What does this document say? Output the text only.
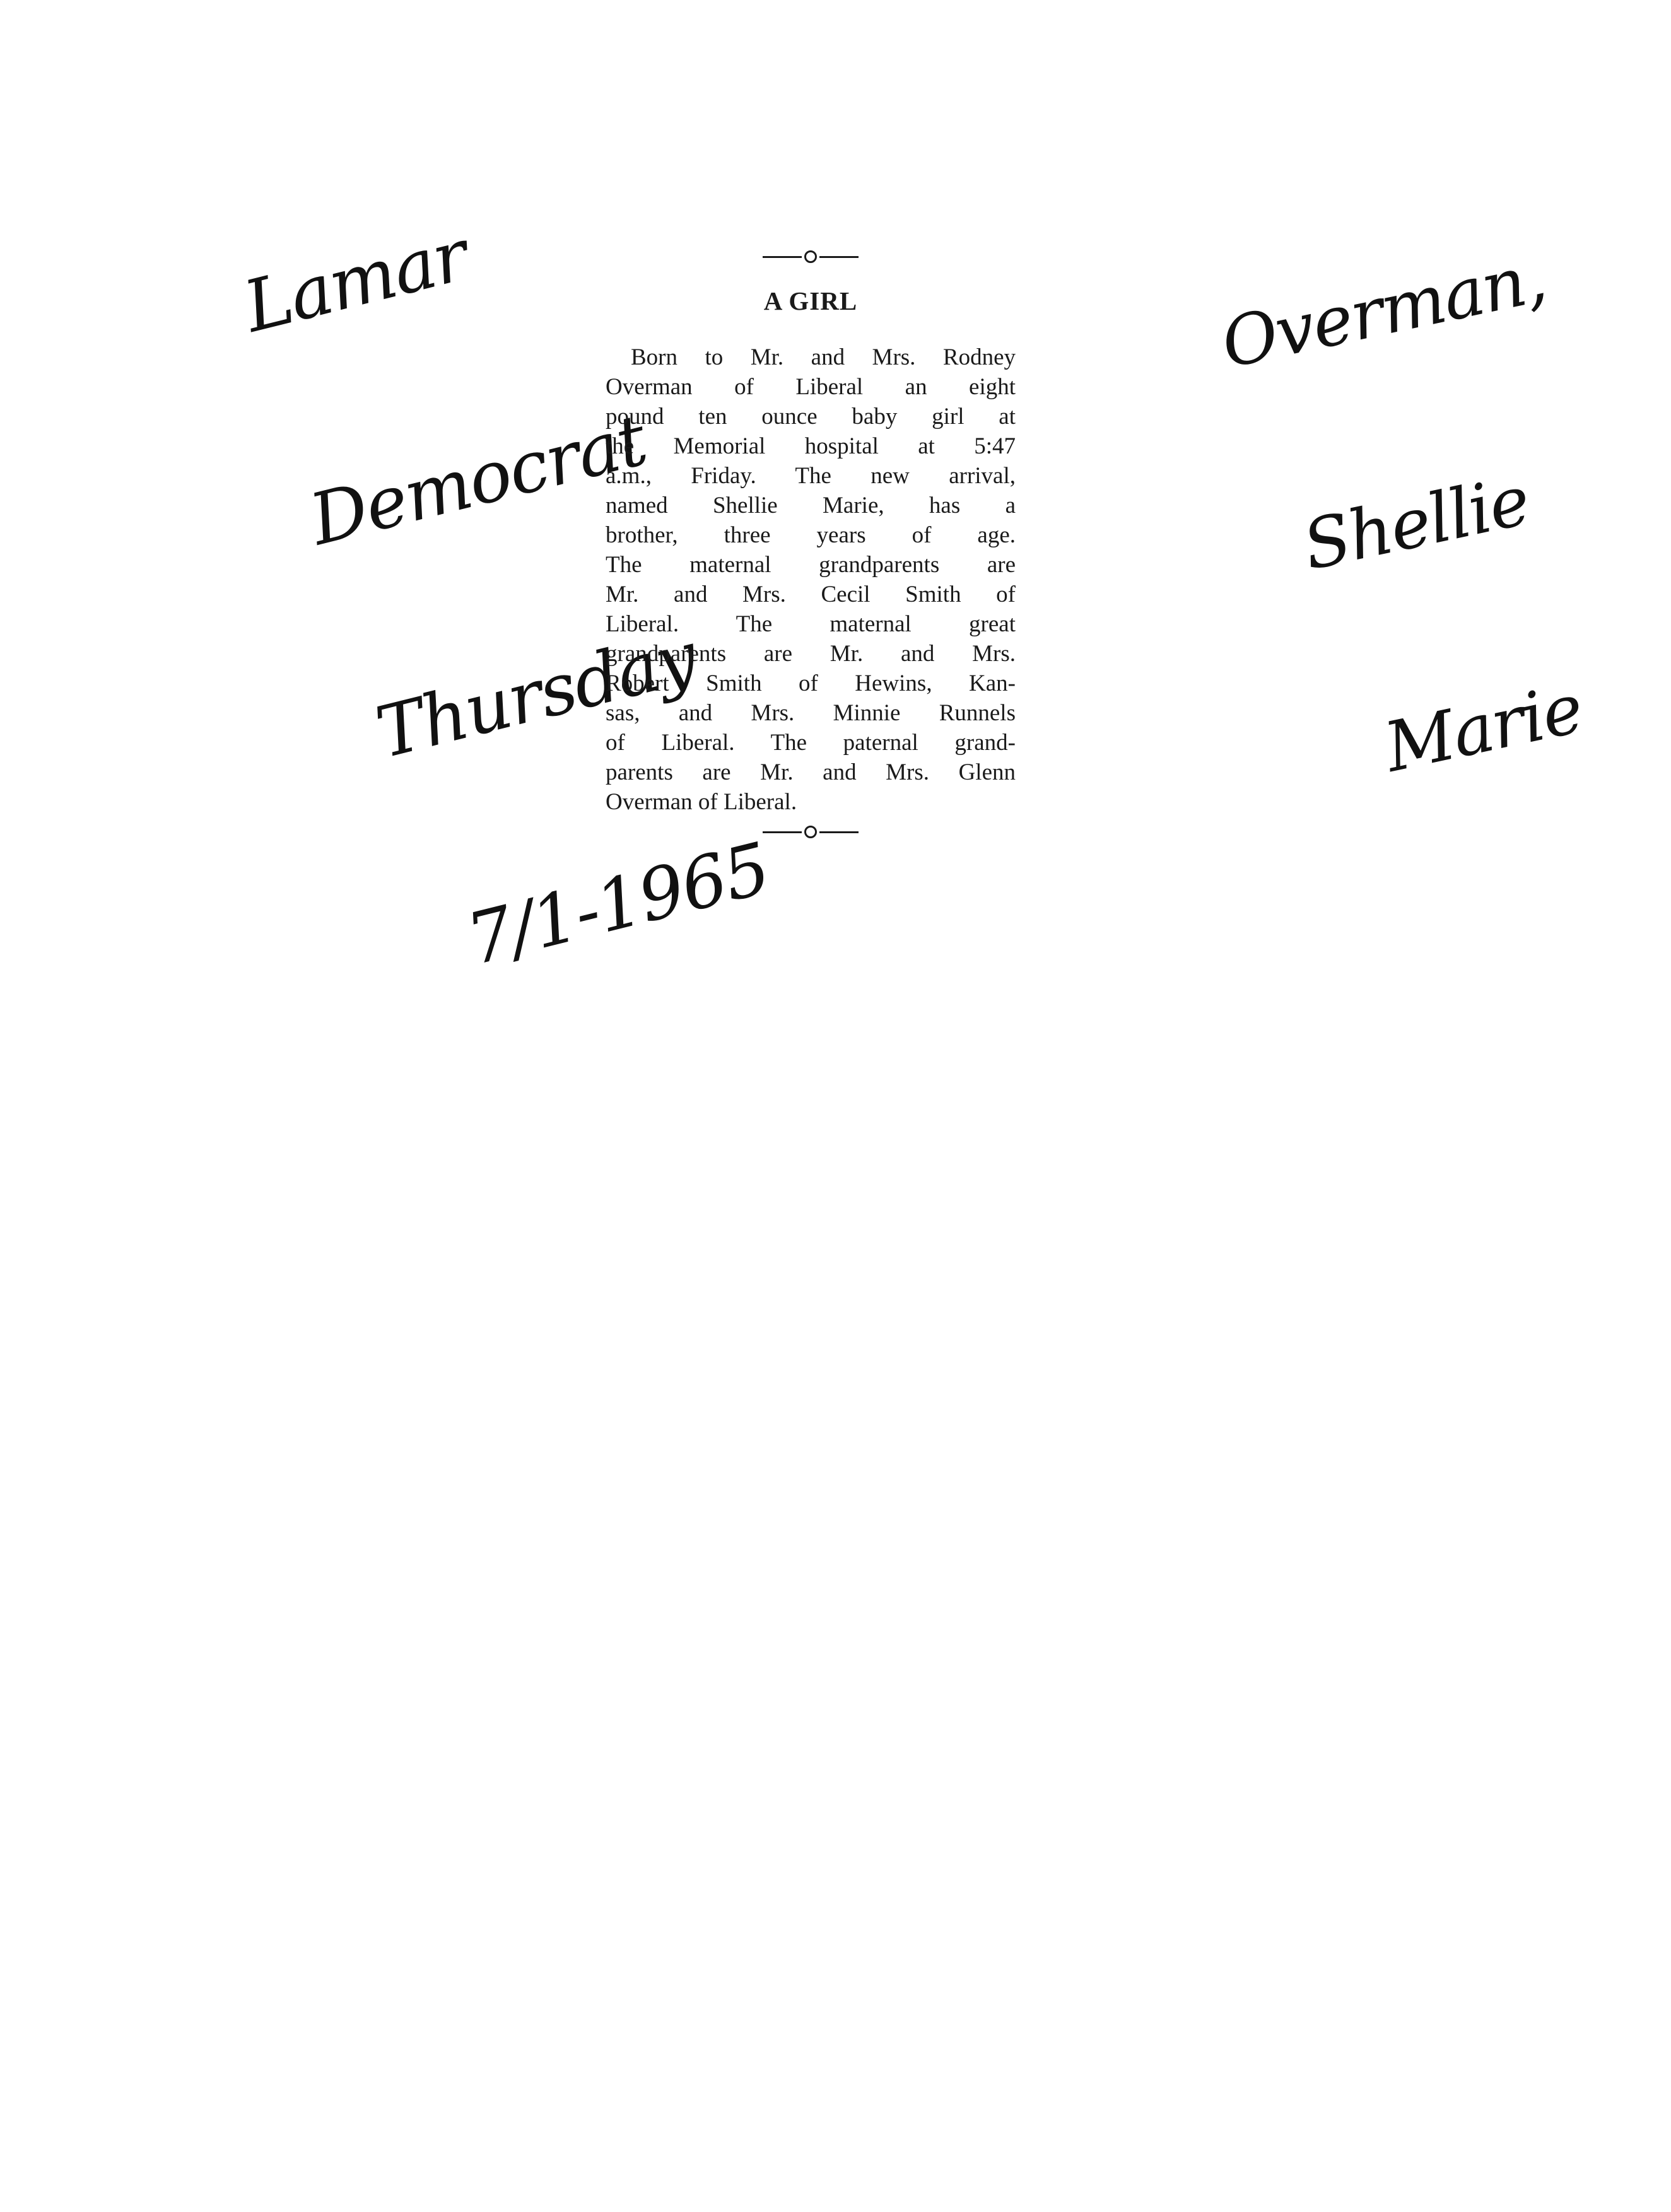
Lamar

Democrat

Thursday

7/1-1965

Overman,

Shellie

Marie

A GIRL
Born to Mr. and Mrs. Rodney
Overman of Liberal an eight
pound ten ounce baby girl at
the Memorial hospital at 5:47
a.m., Friday. The new arrival,
named Shellie Marie, has a
brother, three years of age.
The maternal grandparents are
Mr. and Mrs. Cecil Smith of
Liberal. The maternal great
grandparents are Mr. and Mrs.
Robert Smith of Hewins, Kan-
sas, and Mrs. Minnie Runnels
of Liberal. The paternal grand-
parents are Mr. and Mrs. Glenn
Overman of Liberal.
